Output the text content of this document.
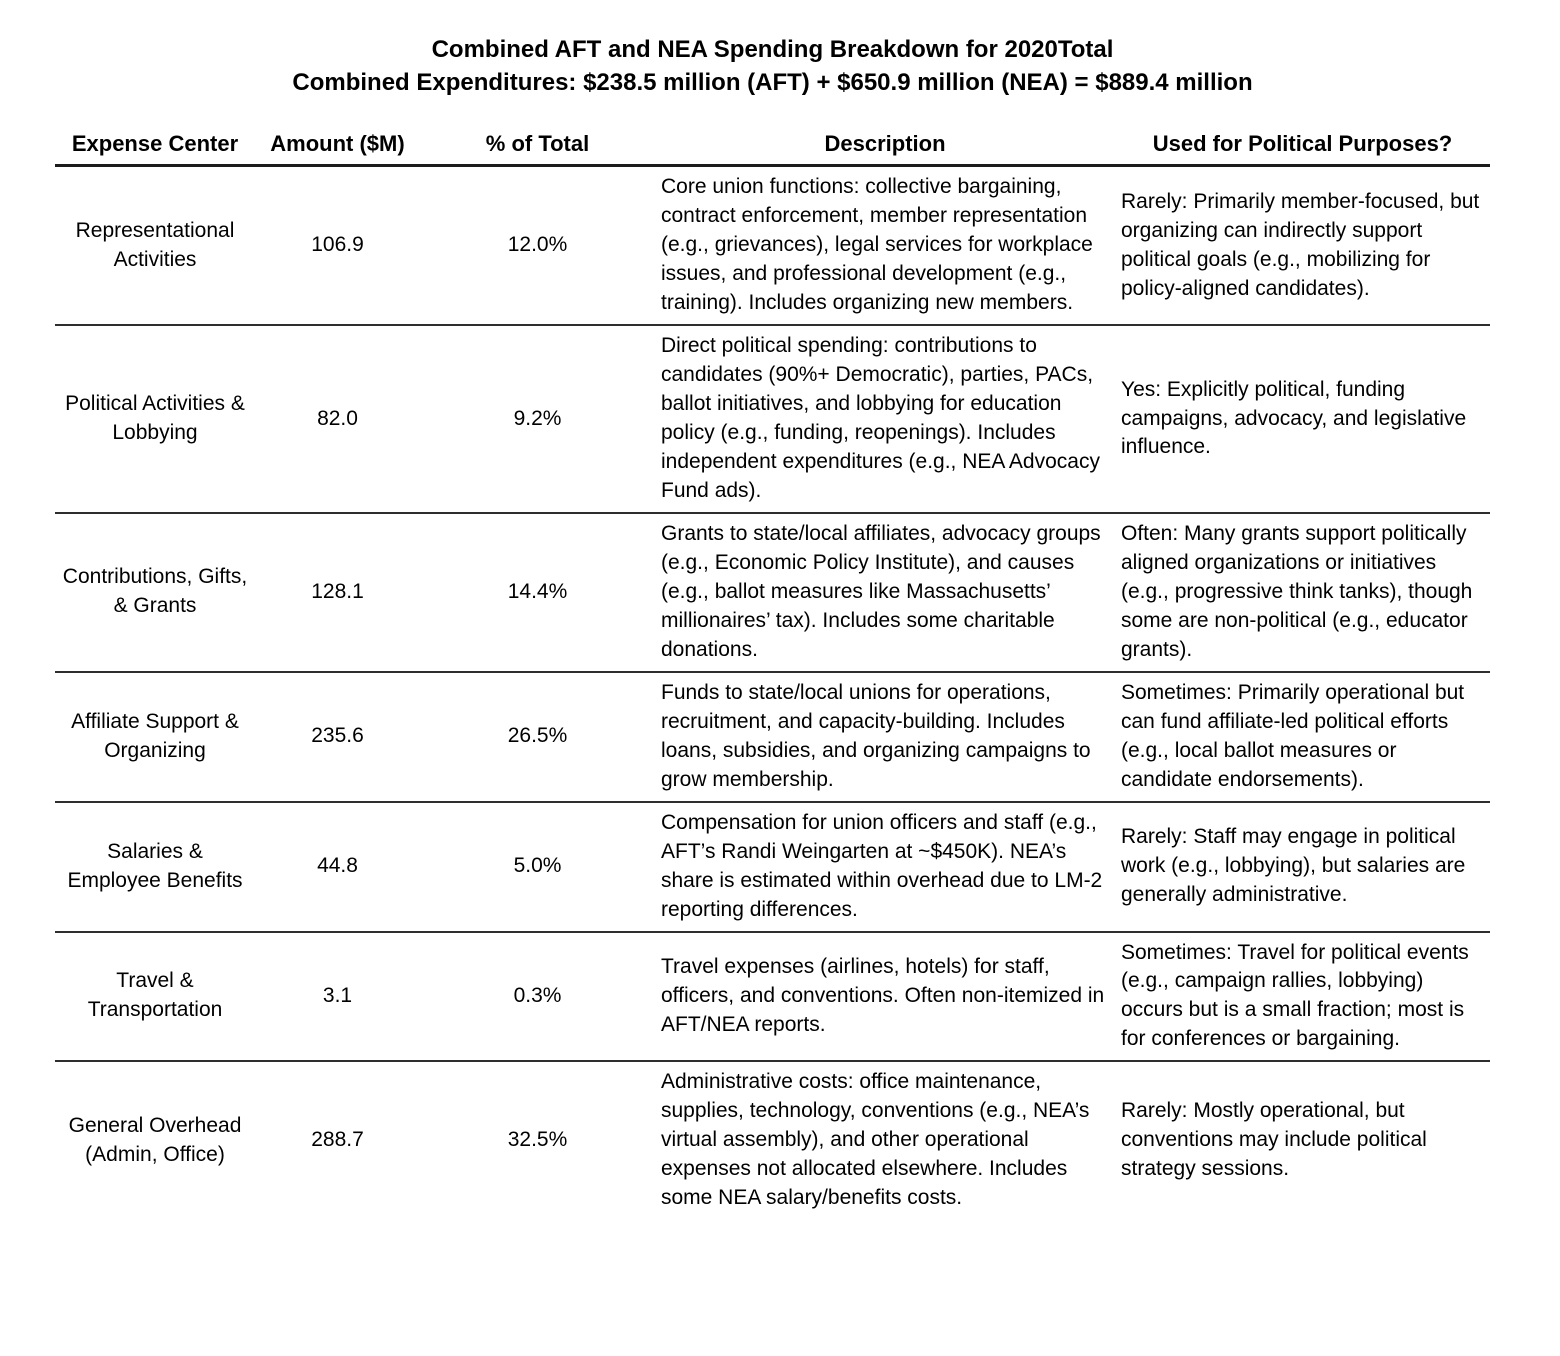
Combined AFT and NEA Spending Breakdown for 2020Total
Combined Expenditures: $238.5 million (AFT) + $650.9 million (NEA) = $889.4 million
Expense Center	Amount ($M)	% of Total	Description	Used for Political Purposes?
Representational Activities	106.9	12.0%	Core union functions: collective bargaining, contract enforcement, member representation (e.g., grievances), legal services for workplace issues, and professional development (e.g., training). Includes organizing new members.	Rarely: Primarily member-focused, but organizing can indirectly support political goals (e.g., mobilizing for policy-aligned candidates).
Political Activities & Lobbying	82.0	9.2%	Direct political spending: contributions to candidates (90%+ Democratic), parties, PACs, ballot initiatives, and lobbying for education policy (e.g., funding, reopenings). Includes independent expenditures (e.g., NEA Advocacy Fund ads).	Yes: Explicitly political, funding campaigns, advocacy, and legislative influence.
Contributions, Gifts, & Grants	128.1	14.4%	Grants to state/local affiliates, advocacy groups (e.g., Economic Policy Institute), and causes (e.g., ballot measures like Massachusetts’ millionaires’ tax). Includes some charitable donations.	Often: Many grants support politically aligned organizations or initiatives (e.g., progressive think tanks), though some are non-political (e.g., educator grants).
Affiliate Support & Organizing	235.6	26.5%	Funds to state/local unions for operations, recruitment, and capacity-building. Includes loans, subsidies, and organizing campaigns to grow membership.	Sometimes: Primarily operational but can fund affiliate-led political efforts (e.g., local ballot measures or candidate endorsements).
Salaries & Employee Benefits	44.8	5.0%	Compensation for union officers and staff (e.g., AFT’s Randi Weingarten at ~$450K). NEA’s share is estimated within overhead due to LM-2 reporting differences.	Rarely: Staff may engage in political work (e.g., lobbying), but salaries are generally administrative.
Travel & Transportation	3.1	0.3%	Travel expenses (airlines, hotels) for staff, officers, and conventions. Often non-itemized in AFT/NEA reports.	Sometimes: Travel for political events (e.g., campaign rallies, lobbying) occurs but is a small fraction; most is for conferences or bargaining.
General Overhead (Admin, Office)	288.7	32.5%	Administrative costs: office maintenance, supplies, technology, conventions (e.g., NEA’s virtual assembly), and other operational expenses not allocated elsewhere. Includes some NEA salary/benefits costs.	Rarely: Mostly operational, but conventions may include political strategy sessions.
